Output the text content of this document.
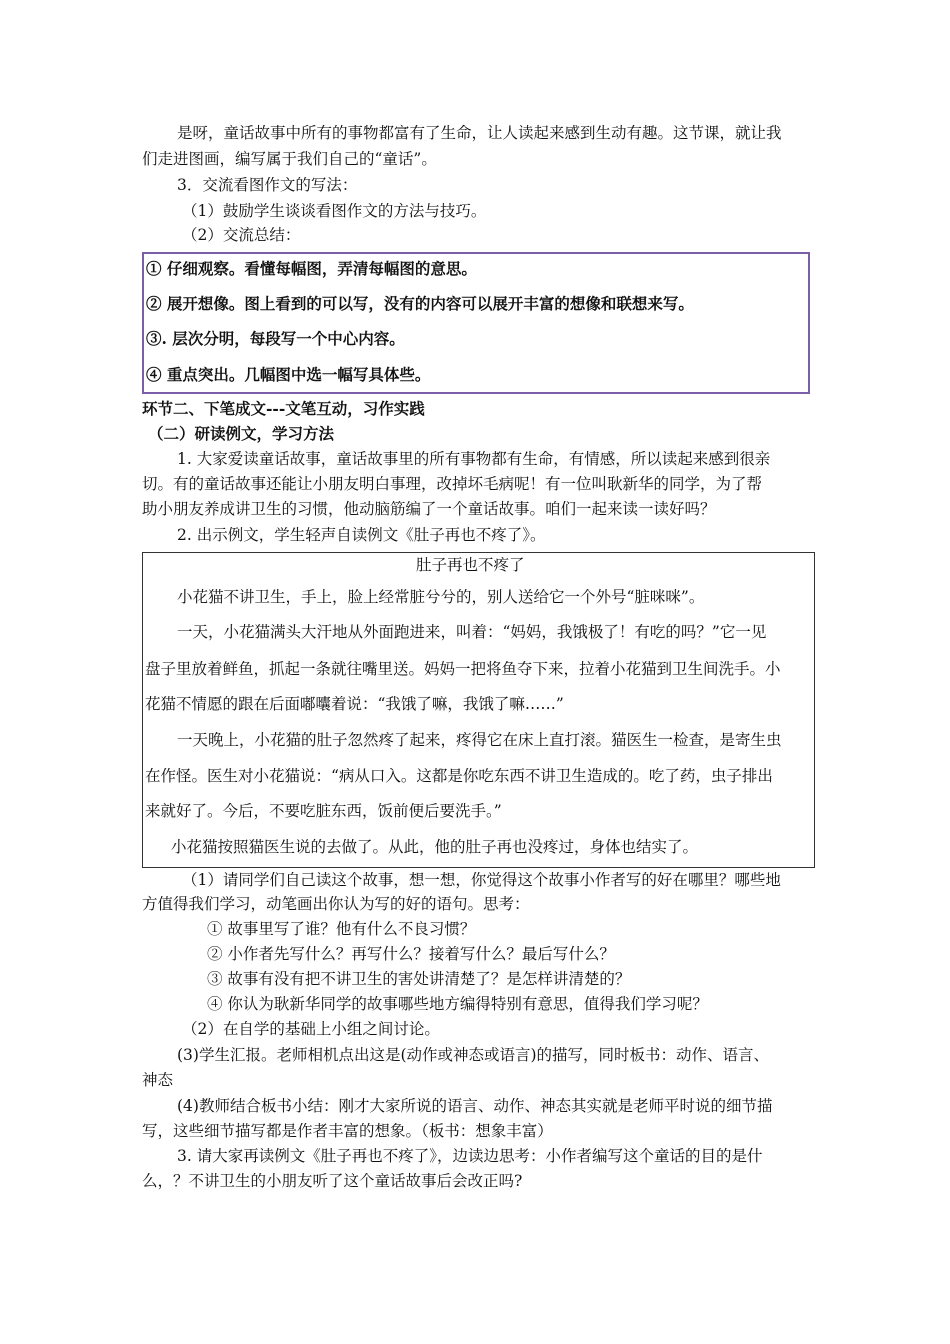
是呀，童话故事中所有的事物都富有了生命，让人读起来感到生动有趣。这节课，就让我
们走进图画，编写属于我们自己的“童话”。
3．交流看图作文的写法：
（1）鼓励学生谈谈看图作文的方法与技巧。
（2）交流总结：
① 仔细观察。看懂每幅图，弄清每幅图的意思。
② 展开想像。图上看到的可以写，没有的内容可以展开丰富的想像和联想来写。
③. 层次分明，每段写一个中心内容。
④ 重点突出。几幅图中选一幅写具体些。
环节二、下笔成文---文笔互动，习作实践
（二）研读例文，学习方法
1. 大家爱读童话故事，童话故事里的所有事物都有生命，有情感，所以读起来感到很亲
切。有的童话故事还能让小朋友明白事理，改掉坏毛病呢！有一位叫耿新华的同学，为了帮
助小朋友养成讲卫生的习惯，他动脑筋编了一个童话故事。咱们一起来读一读好吗？
2. 出示例文，学生轻声自读例文《肚子再也不疼了》。
肚子再也不疼了
小花猫不讲卫生，手上，脸上经常脏兮兮的，别人送给它一个外号“脏咪咪”。
一天，小花猫满头大汗地从外面跑进来，叫着：“妈妈，我饿极了！有吃的吗？”它一见
盘子里放着鲜鱼，抓起一条就往嘴里送。妈妈一把将鱼夺下来，拉着小花猫到卫生间洗手。小
花猫不情愿的跟在后面嘟囔着说：“我饿了嘛，我饿了嘛……”
一天晚上，小花猫的肚子忽然疼了起来，疼得它在床上直打滚。猫医生一检查，是寄生虫
在作怪。医生对小花猫说：“病从口入。这都是你吃东西不讲卫生造成的。吃了药，虫子排出
来就好了。今后，不要吃脏东西，饭前便后要洗手。”
小花猫按照猫医生说的去做了。从此，他的肚子再也没疼过，身体也结实了。
（1）请同学们自己读这个故事，想一想，你觉得这个故事小作者写的好在哪里？哪些地
方值得我们学习，动笔画出你认为写的好的语句。思考：
① 故事里写了谁？他有什么不良习惯？
② 小作者先写什么？再写什么？接着写什么？最后写什么？
③ 故事有没有把不讲卫生的害处讲清楚了？是怎样讲清楚的？
④ 你认为耿新华同学的故事哪些地方编得特别有意思，值得我们学习呢？
（2）在自学的基础上小组之间讨论。
(3)学生汇报。老师相机点出这是(动作或神态或语言)的描写，同时板书：动作、语言、
神态
(4)教师结合板书小结：刚才大家所说的语言、动作、神态其实就是老师平时说的细节描
写，这些细节描写都是作者丰富的想象。（板书：想象丰富）
3. 请大家再读例文《肚子再也不疼了》，边读边思考：小作者编写这个童话的目的是什
么，？不讲卫生的小朋友听了这个童话故事后会改正吗?
